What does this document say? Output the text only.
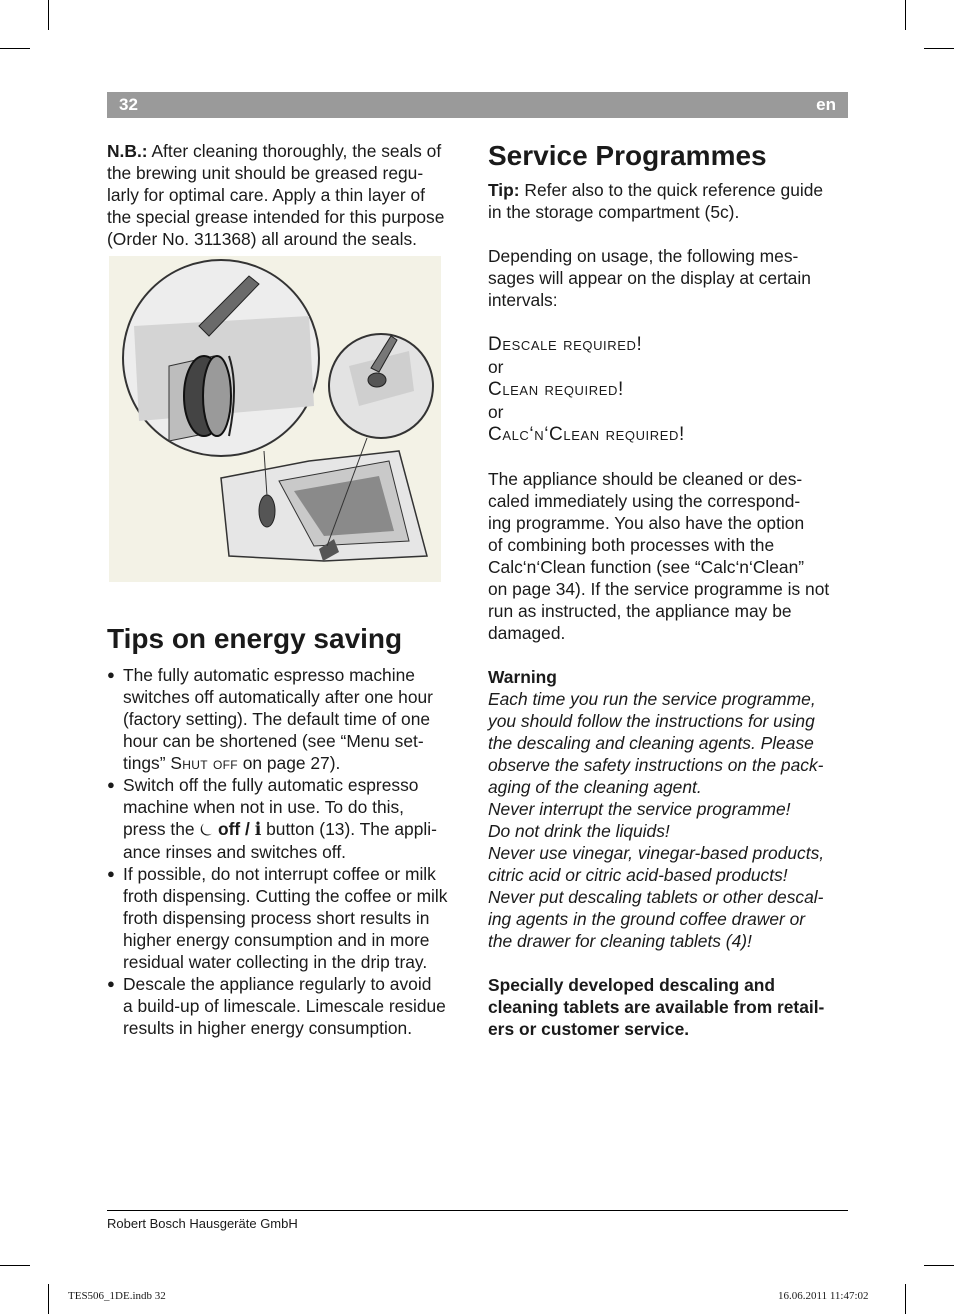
32	en

N.B.: After cleaning thoroughly, the seals of
the brewing unit should be greased regu-
larly for optimal care. Apply a thin layer of
the special grease intended for this purpose
(Order No. 311368) all around the seals.

Tips on energy saving
● The fully automatic espresso machine
switches off automatically after one hour
(factory setting). The default time of one
hour can be shortened (see “Menu set-
tings” Shut off on page 27).
● Switch off the fully automatic espresso
machine when not in use. To do this,
press the ⏾ off / i button (13). The appli-
ance rinses and switches off.
● If possible, do not interrupt coffee or milk
froth dispensing. Cutting the coffee or milk
froth dispensing process short results in
higher energy consumption and in more
residual water collecting in the drip tray.
● Descale the appliance regularly to avoid
a build-up of limescale. Limescale residue
results in higher energy consumption.
Service Programmes

Tip: Refer also to the quick reference guide
in the storage compartment (5c).

Depending on usage, the following mes-
sages will appear on the display at certain
intervals:

Descale required!
or
Clean required!
or
Calc‘n‘Clean required!

The appliance should be cleaned or des-
caled immediately using the correspond-
ing programme. You also have the option
of combining both processes with the
Calc‘n‘Clean function (see “Calc‘n‘Clean”
on page 34). If the service programme is not
run as instructed, the appliance may be
damaged.

Warning

Each time you run the service programme,
you should follow the instructions for using
the descaling and cleaning agents. Please
observe the safety instructions on the pack-
aging of the cleaning agent.
Never interrupt the service programme!
Do not drink the liquids!
Never use vinegar, vinegar-based products,
citric acid or citric acid-based products!
Never put descaling tablets or other descal-
ing agents in the ground coffee drawer or
the drawer for cleaning tablets (4)!

Specially developed descaling and
cleaning tablets are available from retail-
ers or customer service.

Robert Bosch Hausgeräte GmbH
TES506_1DE.indb 32	16.06.2011 11:47:02
